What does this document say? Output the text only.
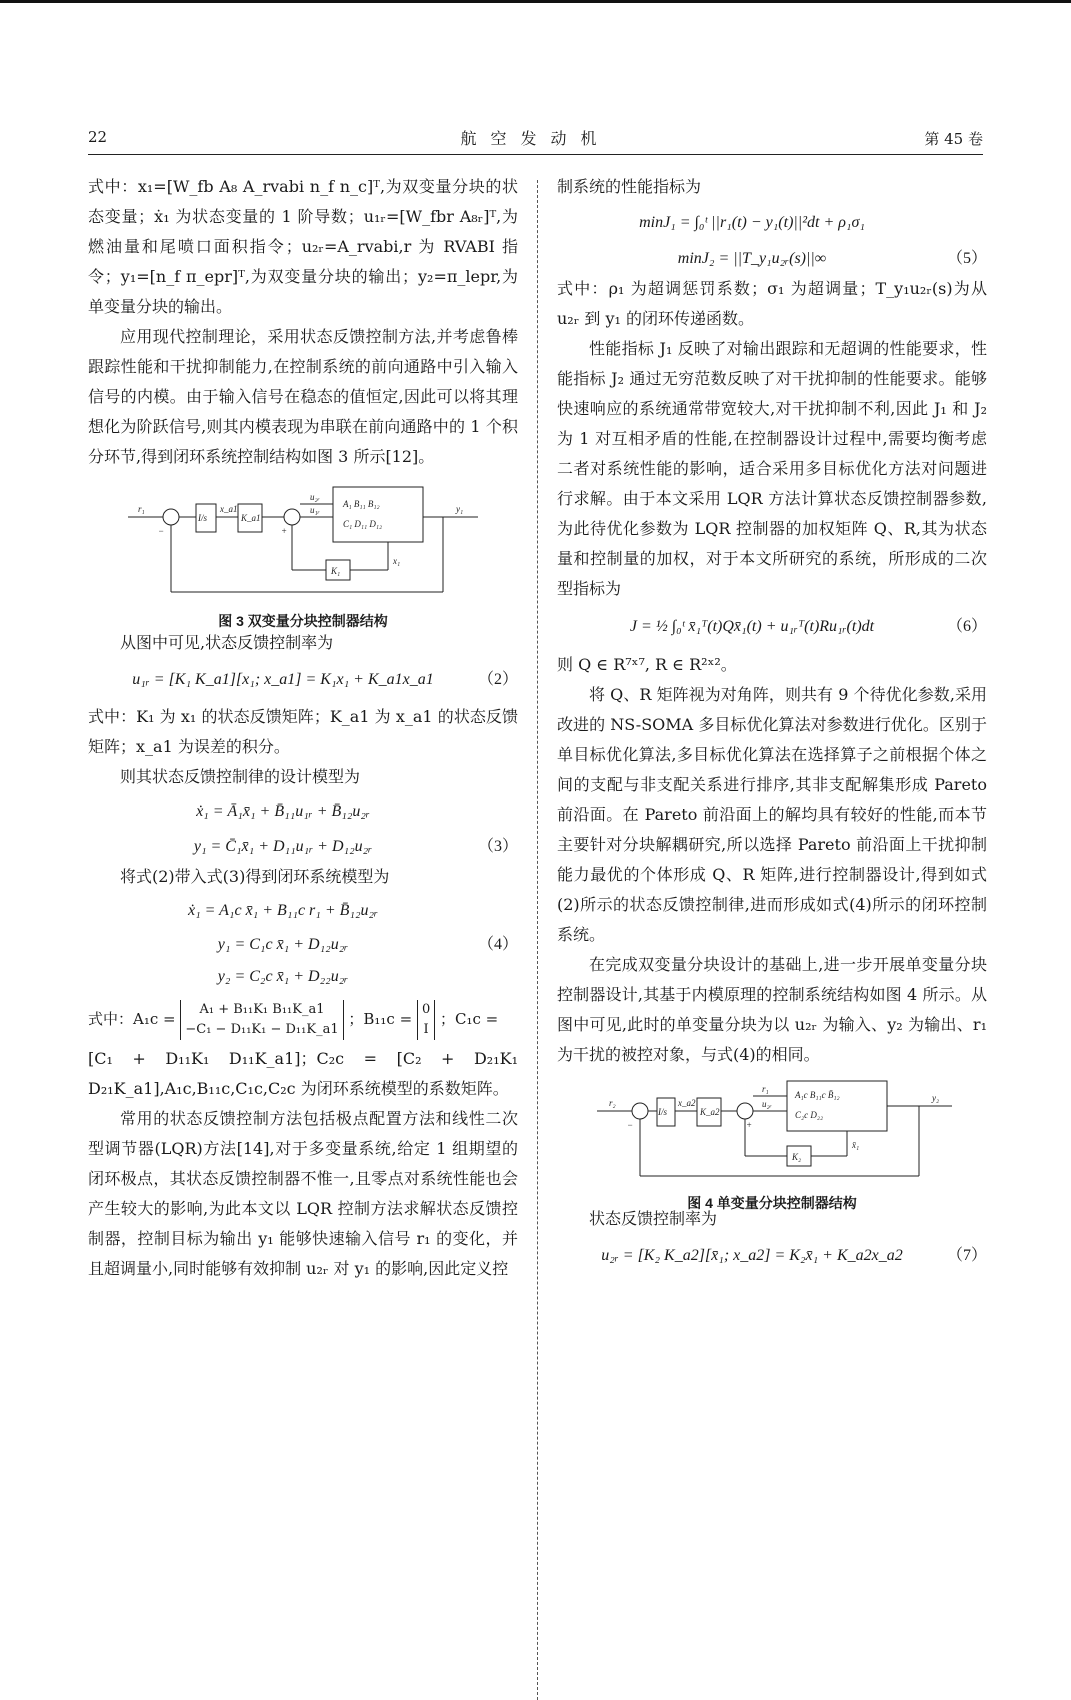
22	航空发动机	第 45 卷

式中：x₁=[W_fb A₈ A_rvabi n_f n_c]ᵀ,为双变量分块的状态变量；ẋ₁ 为状态变量的 1 阶导数；u₁ᵣ=[W_fbr A₈ᵣ]ᵀ,为燃油量和尾喷口面积指令；u₂ᵣ=A_rvabi,r 为 RVABI 指令；y₁=[n_f π_epr]ᵀ,为双变量分块的输出；y₂=π_lepr,为单变量分块的输出。

应用现代控制理论，采用状态反馈控制方法,并考虑鲁棒跟踪性能和干扰抑制能力,在控制系统的前向通路中引入输入信号的内模。由于输入信号在稳态的值恒定,因此可以将其理想化为阶跃信号,则其内模表现为串联在前向通路中的 1 个积分环节,得到闭环系统控制结构如图 3 所示[12]。

r₁
−
I/s
x_a1
K_a1
+
u₂ᵣ
u₁ᵣ
A₁ B₁₁ B₁₂
C₁ D₁₁ D₁₂
y₁
K₁
x₁
图 3 双变量分块控制器结构

从图中可见,状态反馈控制率为

u₁ᵣ = [K₁ K_a1][x₁; x_a1] = K₁x₁ + K_a1x_a1	（2）

式中：K₁ 为 x₁ 的状态反馈矩阵；K_a1 为 x_a1 的状态反馈矩阵；x_a1 为误差的积分。

则其状态反馈控制律的设计模型为

ẋ₁ = Ā₁x̄₁ + B̄₁₁u₁ᵣ + B̄₁₂u₂ᵣ
y₁ = C̄₁x̄₁ + D₁₁u₁ᵣ + D₁₂u₂ᵣ	（3）

将式(2)带入式(3)得到闭环系统模型为

ẋ₁ = A₁c x̄₁ + B₁₁c r₁ + B̄₁₂u₂ᵣ
y₁ = C₁c x̄₁ + D₁₂u₂ᵣ	（4）
y₂ = C₂c x̄₁ + D₂₂u₂ᵣ
式中：A₁c = A₁ + B₁₁K₁ B₁₁K_a1
−C₁ − D₁₁K₁ − D₁₁K_a1 ；B₁₁c = 0
I ；C₁c =

[C₁ + D₁₁K₁ D₁₁K_a1]；C₂c = [C₂ + D₂₁K₁ D₂₁K_a1],A₁c,B₁₁c,C₁c,C₂c 为闭环系统模型的系数矩阵。

常用的状态反馈控制方法包括极点配置方法和线性二次型调节器(LQR)方法[14],对于多变量系统,给定 1 组期望的闭环极点，其状态反馈控制器不惟一,且零点对系统性能也会产生较大的影响,为此本文以 LQR 控制方法求解状态反馈控制器，控制目标为输出 y₁ 能够快速输入信号 r₁ 的变化，并且超调量小,同时能够有效抑制 u₂ᵣ 对 y₁ 的影响,因此定义控

制系统的性能指标为

minJ₁ = ∫₀ᵗ ||r₁(t) − y₁(t)||²dt + ρ₁σ₁
minJ₂ = ||T_y₁u₂ᵣ(s)||∞	（5）

式中：ρ₁ 为超调惩罚系数；σ₁ 为超调量；T_y₁u₂ᵣ(s)为从 u₂ᵣ 到 y₁ 的闭环传递函数。

性能指标 J₁ 反映了对输出跟踪和无超调的性能要求，性能指标 J₂ 通过无穷范数反映了对干扰抑制的性能要求。能够快速响应的系统通常带宽较大,对干扰抑制不利,因此 J₁ 和 J₂ 为 1 对互相矛盾的性能,在控制器设计过程中,需要均衡考虑二者对系统性能的影响，适合采用多目标优化方法对问题进行求解。由于本文采用 LQR 方法计算状态反馈控制器参数,为此待优化参数为 LQR 控制器的加权矩阵 Q、R,其为状态量和控制量的加权，对于本文所研究的系统，所形成的二次型指标为

J = ½ ∫₀ᵗ x̄₁ᵀ(t)Qx̄₁(t) + u₁ᵣᵀ(t)Ru₁ᵣ(t)dt	（6）

则 Q ∈ R⁷ˣ⁷, R ∈ R²ˣ²。

将 Q、R 矩阵视为对角阵，则共有 9 个待优化参数,采用改进的 NS-SOMA 多目标优化算法对参数进行优化。区别于单目标优化算法,多目标优化算法在选择算子之前根据个体之间的支配与非支配关系进行排序,其非支配解集形成 Pareto 前沿面。在 Pareto 前沿面上的解均具有较好的性能,而本节主要针对分块解耦研究,所以选择 Pareto 前沿面上干扰抑制能力最优的个体形成 Q、R 矩阵,进行控制器设计,得到如式(2)所示的状态反馈控制律,进而形成如式(4)所示的闭环控制系统。

在完成双变量分块设计的基础上,进一步开展单变量分块控制器设计,其基于内模原理的控制系统结构如图 4 所示。从图中可见,此时的单变量分块为以 u₂ᵣ 为输入、y₂ 为输出、r₁ 为干扰的被控对象，与式(4)的相同。

r₂
−
I/s
x_a2
K_a2
+
r₁
u₂ᵣ
A₁c B₁₁c B̄₁₂
C₂c D₂₂
y₂
K₂
x̄₁
图 4 单变量分块控制器结构

状态反馈控制率为

u₂ᵣ = [K₂ K_a2][x̄₁; x_a2] = K₂x̄₁ + K_a2x_a2	（7）
